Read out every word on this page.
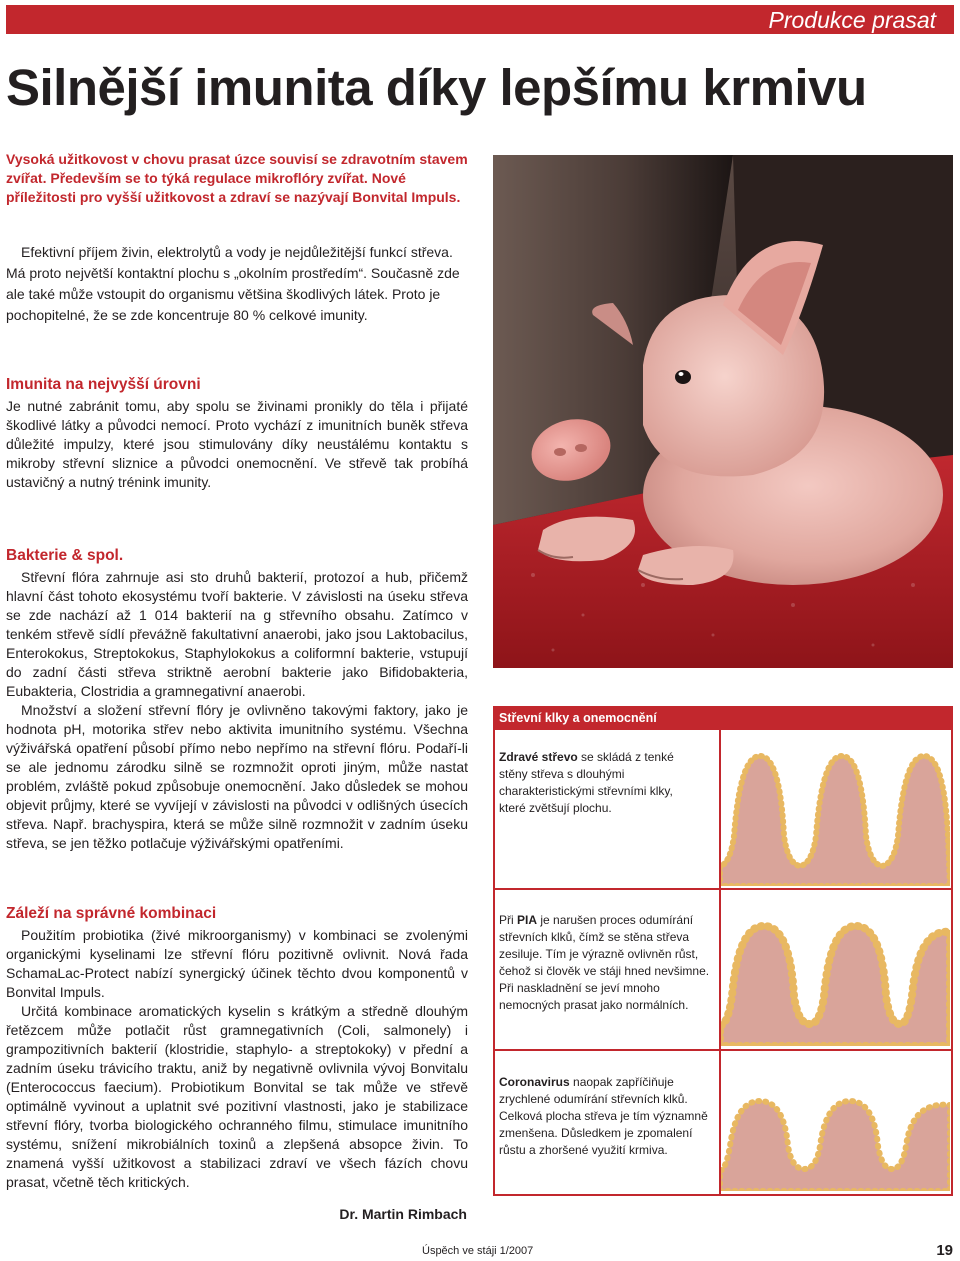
Produkce prasat
Silnější imunita díky lepšímu krmivu
Vysoká užitkovost v chovu prasat úzce souvisí se zdravotním stavem zvířat. Především se to týká regulace mikroflóry zvířat. Nové příležitosti pro vyšší užitkovost a zdraví se nazývají Bonvital Impuls.

Efektivní příjem živin, elektrolytů a vody je nejdůležitější funkcí střeva. Má proto největší kontaktní plochu s „okolním prostředím“. Současně zde ale také může vstoupit do organismu většina škodlivých látek. Proto je pochopitelné, že se zde koncentruje 80 % celkové imunity.

Imunita na nejvyšší úrovni

Je nutné zabránit tomu, aby spolu se živinami pronikly do těla i přijaté škodlivé látky a původci nemocí. Proto vychází z imunitních buněk střeva důležité impulzy, které jsou stimulovány díky neustálému kontaktu s mikroby střevní sliznice a původci onemocnění. Ve střevě tak probíhá ustavičný a nutný trénink imunity.

Bakterie & spol.

Střevní flóra zahrnuje asi sto druhů bakterií, protozoí a hub, přičemž hlavní část tohoto ekosystému tvoří bakterie. V závislosti na úseku střeva se zde nachází až 1 014 bakterií na g střevního obsahu. Zatímco v tenkém střevě sídlí převážně fakultativní anaerobi, jako jsou Laktobacilus, Enterokokus, Streptokokus, Staphylokokus a coliformní bakterie, vstupují do zadní části střeva striktně aerobní bakterie jako Bifidobakteria, Eubakteria, Clostridia a gramnegativní anaerobi.

Množství a složení střevní flóry je ovlivněno takovými faktory, jako je hodnota pH, motorika střev nebo aktivita imunitního systému. Všechna výživářská opatření působí přímo nebo nepřímo na střevní flóru. Podaří-li se ale jednomu zárodku silně se rozmnožit oproti jiným, může nastat problém, zvláště pokud způsobuje onemocnění. Jako důsledek se mohou objevit průjmy, které se vyvíjejí v závislosti na původci v odlišných úsecích střeva. Např. brachyspira, která se může silně rozmnožit v zadním úseku střeva, se jen těžko potlačuje výživářskými opatřeními.

Záleží na správné kombinaci

Použitím probiotika (živé mikroorganismy) v kombinaci se zvolenými organickými kyselinami lze střevní flóru pozitivně ovlivnit. Nová řada SchamaLac-Protect nabízí synergický účinek těchto dvou komponentů v Bonvital Impuls.

Určitá kombinace aromatických kyselin s krátkým a středně dlouhým řetězcem může potlačit růst gramnegativních (Coli, salmonely) i grampozitivních bakterií (klostridie, staphylo- a streptokoky) v přední a zadním úseku trávicího traktu, aniž by negativně ovlivnila vývoj Bonvitalu (Enterococcus faecium). Probiotikum Bonvital se tak může ve střevě optimálně vyvinout a uplatnit své pozitivní vlastnosti, jako je stabilizace střevní flóry, tvorba biologického ochranného filmu, stimulace imunitního systému, snížení mikrobiálních toxinů a zlepšená absopce živin. To znamená vyšší užitkovost a stabilizaci zdraví ve všech fázích chovu prasat, včetně těch kritických.

Střevní klky a onemocnění
Zdravé střevo se skládá z tenké stěny střeva s dlouhými charakteristickými střevními klky, které zvětšují plochu.
Při PIA je narušen proces odumírání střevních klků, čímž se stěna střeva zesiluje. Tím je výrazně ovlivněn růst, čehož si člověk ve stáji hned nevšimne. Při naskladnění se jeví mnoho nemocných prasat jako normálních.
Coronavirus naopak zapříčiňuje zrychlené odumírání střevních klků. Celková plocha střeva je tím významně zmenšena. Důsledkem je zpomalení růstu a zhoršené využití krmiva.
Dr. Martin Rimbach
Úspěch ve stáji 1/2007	19
